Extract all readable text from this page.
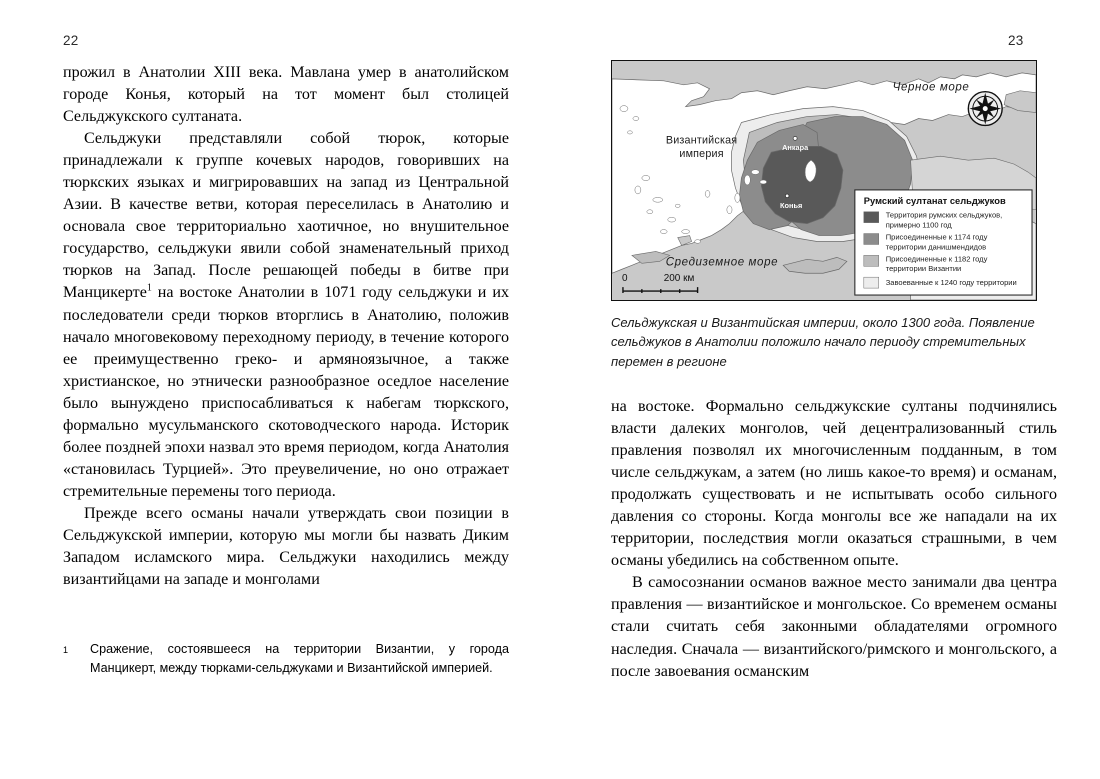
22	23

прожил в Анатолии XIII века. Мавлана умер в анатолийском городе Конья, который на тот момент был столицей Сельджукского султаната.

Сельджуки представляли собой тюрок, которые принадлежали к группе кочевых народов, говоривших на тюркских языках и мигрировавших на запад из Центральной Азии. В качестве ветви, которая переселилась в Анатолию и основала свое территориально хаотичное, но внушительное государство, сельджуки явили собой знаменательный приход тюрков на Запад. После решающей победы в битве при Манцикерте$^1$ на востоке Анатолии в 1071 году сельджуки и их последователи среди тюрков вторглись в Анатолию, положив начало многовековому переходному периоду, в течение которого ее преимущественно греко- и армяноязычное, а также христианское, но этнически разнообразное оседлое население было вынуждено приспосабливаться к набегам тюркского, формально мусульманского скотоводческого народа. Историк более поздней эпохи назвал это время периодом, когда Анатолия «становилась Турцией». Это преувеличение, но оно отражает стремительные перемены того периода.

Прежде всего османы начали утверждать свои позиции в Сельджукской империи, которую мы могли бы назвать Диким Западом исламского мира. Сельджуки находились между византийцами на западе и монголами

1	Сражение, состоявшееся на территории Византии, у города Манцикерт, между тюрками-сельджуками и Византийской империей.
Черное море
Средиземное море
Византийская
империя
Анкара
Конья
0	200 км
Румский султанат сельджуков
Территория румских сельджуков,
примерно 1100 год
Присоединенные к 1174 году
территории данишмендидов
Присоединенные к 1182 году
территории Византии
Завоеванные к 1240 году территории
Сельджукская и Византийская империи, около 1300 года. Появление сельджуков в Анатолии положило начало периоду стремительных перемен в регионе

на востоке. Формально сельджукские султаны подчинялись власти далеких монголов, чей децентрализованный стиль правления позволял их многочисленным подданным, в том числе сельджукам, а затем (но лишь какое-то время) и османам, продолжать существовать и не испытывать особо сильного давления со стороны. Когда монголы все же нападали на их территории, последствия могли оказаться страшными, в чем османы убедились на собственном опыте.

В самосознании османов важное место занимали два центра правления — византийское и монгольское. Со временем османы стали считать себя законными обладателями огромного наследия. Сначала — византийского/римского и монгольского, а после завоевания османским
